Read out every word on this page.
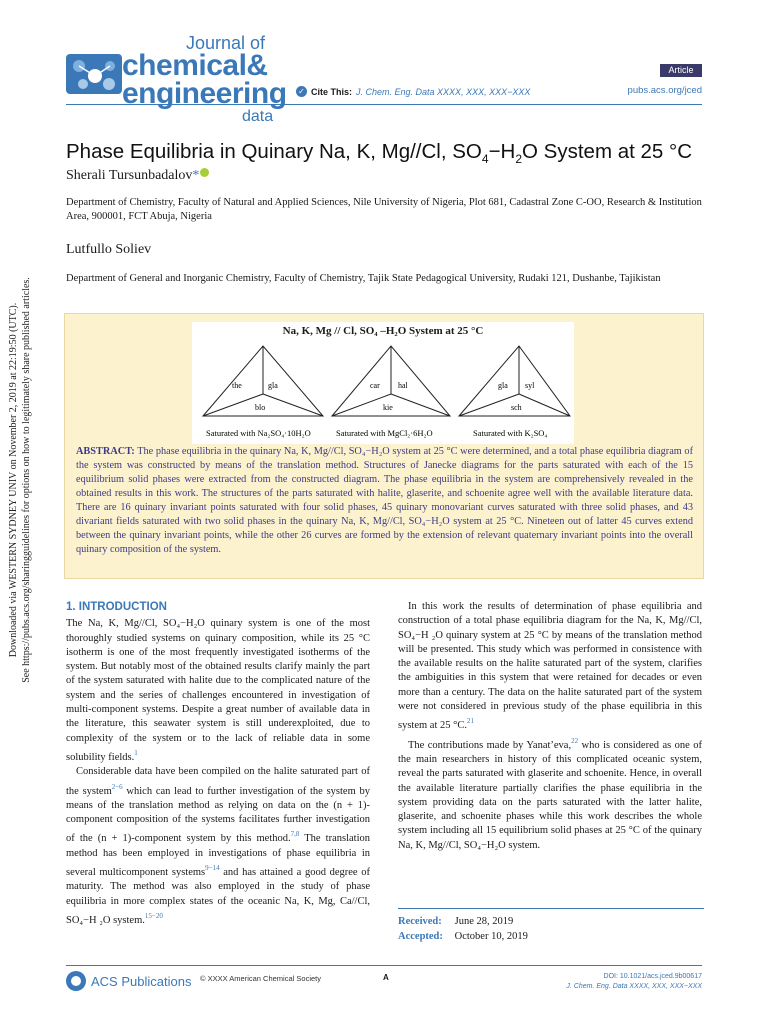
Journal of
chemical&
engineering
data
✓ Cite This: J. Chem. Eng. Data XXXX, XXX, XXX−XXX
Article
pubs.acs.org/jced
Downloaded via WESTERN SYDNEY UNIV on November 2, 2019 at 22:19:50 (UTC). See https://pubs.acs.org/sharingguidelines for options on how to legitimately share published articles.
Phase Equilibria in Quinary Na, K, Mg//Cl, $SO_4-H_2O$ System at 25 °C
Sherali Tursunbadalov*
Department of Chemistry, Faculty of Natural and Applied Sciences, Nile University of Nigeria, Plot 681, Cadastral Zone C-OO, Research & Institution Area, 900001, FCT Abuja, Nigeria
Lutfullo Soliev
Department of General and Inorganic Chemistry, Faculty of Chemistry, Tajik State Pedagogical University, Rudaki 121, Dushanbe, Tajikistan
Na, K, Mg // Cl, SO₄ –H₂O System at 25 °C
the	gla
blo
Saturated with Na₂SO₄·10H₂O
car hal
kie
Saturated with MgCl₂·6H₂O
gla syl
sch
Saturated with K₂SO₄
ABSTRACT: The phase equilibria in the quinary Na, K, Mg//Cl, SO₄−H₂O system at 25 °C were determined, and a total phase equilibria diagram of the system was constructed by means of the translation method. Structures of Janecke diagrams for the parts saturated with each of the 15 equilibrium solid phases were extracted from the constructed diagram. The phase equilibria in the system are comprehensively revealed in the obtained results in this work. The structures of the parts saturated with halite, glaserite, and schoenite agree well with the available literature data. There are 16 quinary invariant points saturated with four solid phases, 45 quinary monovariant curves saturated with three solid phases, and 43 divariant fields saturated with two solid phases in the quinary Na, K, Mg//Cl, SO₄−H₂O system at 25 °C. Nineteen out of latter 45 curves extend between the quinary invariant points, while the other 26 curves are formed by the extension of relevant quaternary invariant points into the overall quinary composition of the system.
1. INTRODUCTION

The Na, K, Mg//Cl, SO₄−H₂O quinary system is one of the most thoroughly studied systems on quinary composition, while its 25 °C isotherm is one of the most frequently investigated isotherms of the system. But notably most of the obtained results clarify mainly the part of the system saturated with halite due to the complicated nature of the system and the series of challenges encountered in investigation of multi-component systems. Despite a great number of available data in the literature, this seawater system is still underexploited, due to complexity of the system or to the lack of reliable data in some solubility fields.$^1$

Considerable data have been compiled on the halite saturated part of the system$^{2-6}$ which can lead to further investigation of the system by means of the translation method as relying on data on the (n + 1)-component composition of the systems facilitates further investigation of the (n + 1)-component system by this method.$^{7,8}$ The translation method has been employed in investigations of phase equilibria in several multicomponent systems$^{9-14}$ and has attained a good degree of maturity. The method was also employed in the study of phase equilibria in more complex states of the oceanic Na, K, Mg, Ca//Cl, SO₄−H ₂O system.$^{15-20}$

In this work the results of determination of phase equilibria and construction of a total phase equilibria diagram for the Na, K, Mg//Cl, SO₄−H ₂O quinary system at 25 °C by means of the translation method will be presented. This study which was performed in consistence with the available results on the halite saturated part of the system, clarifies the ambiguities in this system that were retained for decades or even more than a century. The data on the halite saturated part of the system were not considered in previous study of the phase equilibria in this system at 25 °C.$^{21}$

The contributions made by Yanat’eva,$^{22}$ who is considered as one of the main researchers in history of this complicated oceanic system, reveal the parts saturated with glaserite and schoenite. Hence, in overall the available literature partially clarifies the phase equilibria in the system providing data on the parts saturated with the latter halite, glaserite, and schoenite phases while this work describes the whole system including all 15 equilibrium solid phases at 25 °C of the quinary Na, K, Mg//Cl, SO₄−H₂O system.

Received: June 28, 2019
Accepted: October 10, 2019
ACS Publications © XXXX American Chemical Society	A	DOI: 10.1021/acs.jced.9b00617
J. Chem. Eng. Data XXXX, XXX, XXX−XXX
